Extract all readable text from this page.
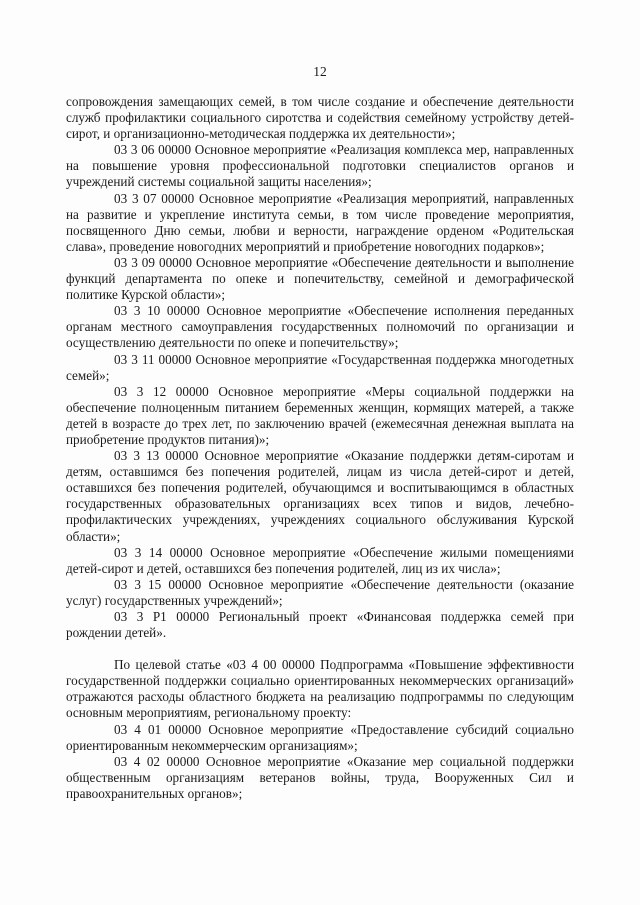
12

сопровождения замещающих семей, в том числе создание и обеспечение деятельности служб профилактики социального сиротства и содействия семейному устройству детей-сирот, и организационно-методическая поддержка их деятельности»;

03 3 06 00000 Основное мероприятие «Реализация комплекса мер, направленных на повышение уровня профессиональной подготовки специалистов органов и учреждений системы социальной защиты населения»;

03 3 07 00000 Основное мероприятие «Реализация мероприятий, направленных на развитие и укрепление института семьи, в том числе проведение мероприятия, посвященного Дню семьи, любви и верности, награждение орденом «Родительская слава», проведение новогодних мероприятий и приобретение новогодних подарков»;

03 3 09 00000 Основное мероприятие «Обеспечение деятельности и выполнение функций департамента по опеке и попечительству, семейной и демографической политике Курской области»;

03 3 10 00000 Основное мероприятие «Обеспечение исполнения переданных органам местного самоуправления государственных полномочий по организации и осуществлению деятельности по опеке и попечительству»;

03 3 11 00000 Основное мероприятие «Государственная поддержка многодетных семей»;

03 3 12 00000 Основное мероприятие «Меры социальной поддержки на обеспечение полноценным питанием беременных женщин, кормящих матерей, а также детей в возрасте до трех лет, по заключению врачей (ежемесячная денежная выплата на приобретение продуктов питания)»;

03 3 13 00000 Основное мероприятие «Оказание поддержки детям-сиротам и детям, оставшимся без попечения родителей, лицам из числа детей-сирот и детей, оставшихся без попечения родителей, обучающимся и воспитывающимся в областных государственных образовательных организациях всех типов и видов, лечебно-профилактических учреждениях, учреждениях социального обслуживания Курской области»;

03 3 14 00000 Основное мероприятие «Обеспечение жилыми помещениями детей-сирот и детей, оставшихся без попечения родителей, лиц из их числа»;

03 3 15 00000 Основное мероприятие «Обеспечение деятельности (оказание услуг) государственных учреждений»;

03 3 P1 00000 Региональный проект «Финансовая поддержка семей при рождении детей».

По целевой статье «03 4 00 00000 Подпрограмма «Повышение эффективности государственной поддержки социально ориентированных некоммерческих организаций» отражаются расходы областного бюджета на реализацию подпрограммы по следующим основным мероприятиям, региональному проекту:

03 4 01 00000 Основное мероприятие «Предоставление субсидий социально ориентированным некоммерческим организациям»;

03 4 02 00000 Основное мероприятие «Оказание мер социальной поддержки общественным организациям ветеранов войны, труда, Вооруженных Сил и правоохранительных органов»;
